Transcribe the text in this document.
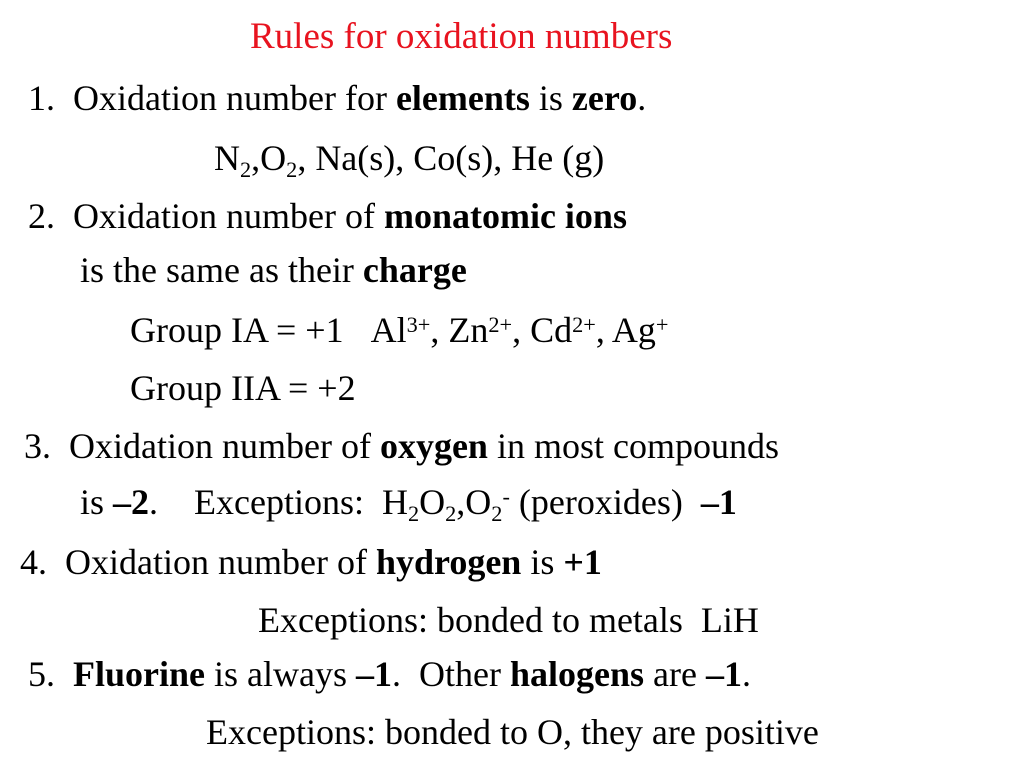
Rules for oxidation numbers
1. Oxidation number for elements is zero.
$N_2,O_2$, Na(s), Co(s), He (g)
2. Oxidation number of monatomic ions
is the same as their charge
Group IA = +1 $Al^{3+}$, $Zn^{2+}$, $Cd^{2+}$, Ag+
Group IIA = +2
3. Oxidation number of oxygen in most compounds
is –2. Exceptions:  $H_2O_2,O_2^-$ (peroxides)  –1
4. Oxidation number of hydrogen is +1
Exceptions: bonded to metals  LiH
5. Fluorine is always –1.  Other halogens are –1.
Exceptions: bonded to O, they are positive
